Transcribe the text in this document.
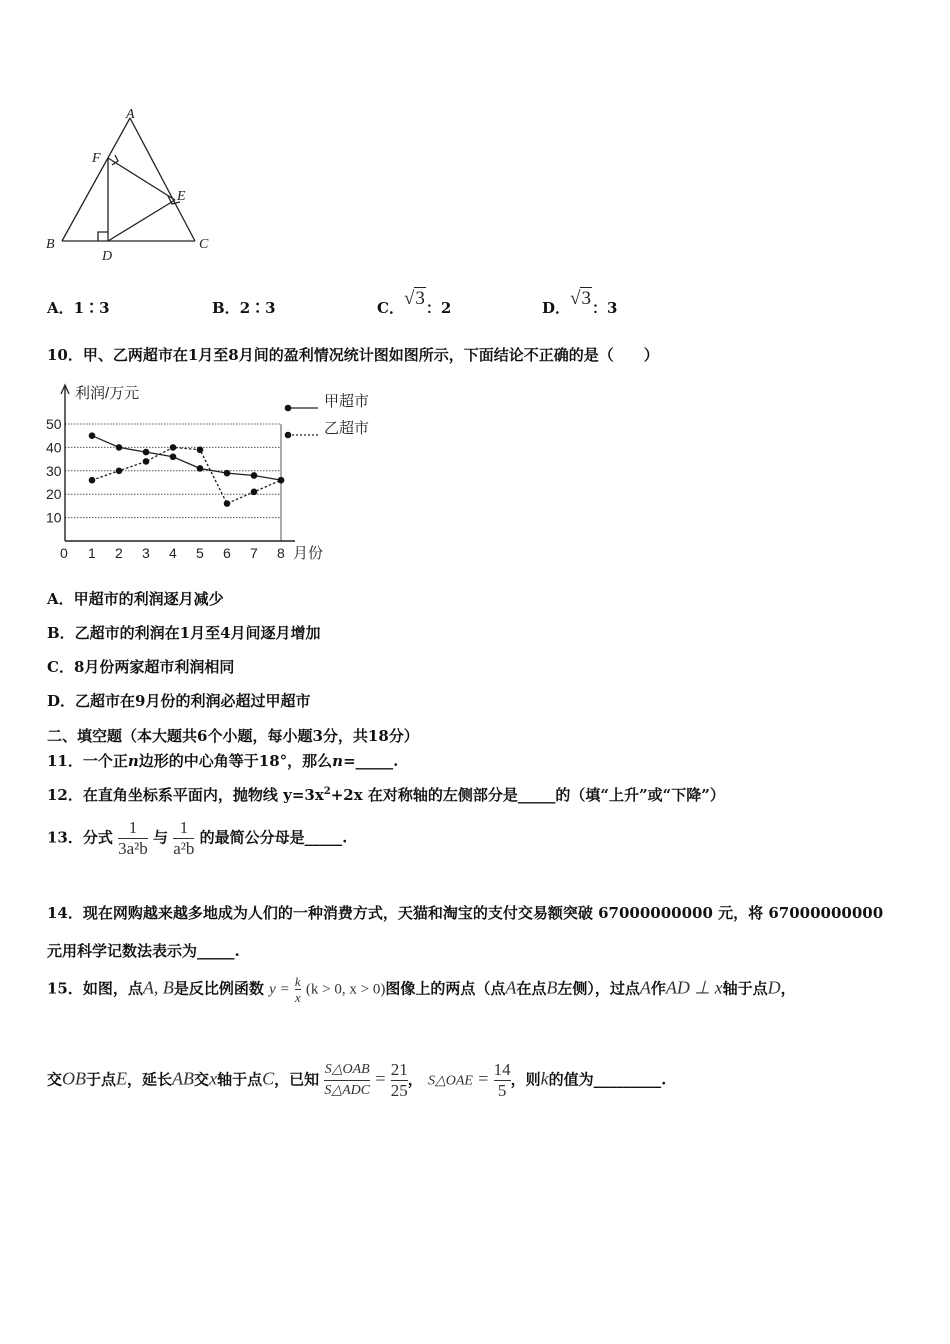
A
F
E
B
D
C
A．1∶3	B．2∶3	C．√3：2	D．√3：3
10．甲、乙两超市在1月至8月间的盈利情况统计图如图所示，下面结论不正确的是（　　）
10
20
30
40
50
0 1 2 3 4 5 6 7 8
利润/万元
月份
甲超市
乙超市
A．甲超市的利润逐月减少
B．乙超市的利润在1月至4月间逐月增加
C．8月份两家超市利润相同
D．乙超市在9月份的利润必超过甲超市
二、填空题（本大题共6个小题，每小题3分，共18分）
11．一个正n边形的中心角等于18°，那么n=_____.
12．在直角坐标系平面内，抛物线 $y=3x^2+2x$ 在对称轴的左侧部分是_____的（填“上升”或“下降”）
13．分式 $\frac{1}{\text{3a²b}}$ 与 $\frac{1}{\text{a²b}}$ 的最简公分母是_____.
14．现在网购越来越多地成为人们的一种消费方式，天猫和淘宝的支付交易额突破 67000000000 元，将 67000000000
元用科学记数法表示为_____.
15．如图，点A, B是反比例函数 $y = \frac{k}{x} (k > 0$, x > 0)图像上的两点（点A在点B左侧），过点A作AD ⊥ x轴于点D，
交OB于点E，延长AB交x轴于点C，已知 $\frac{\text{S△OAB}}{\text{S△ADC}} = \frac{21}{25}$ ， S△OAE = $\frac{14}{5}$ ，则k的值为_________.
